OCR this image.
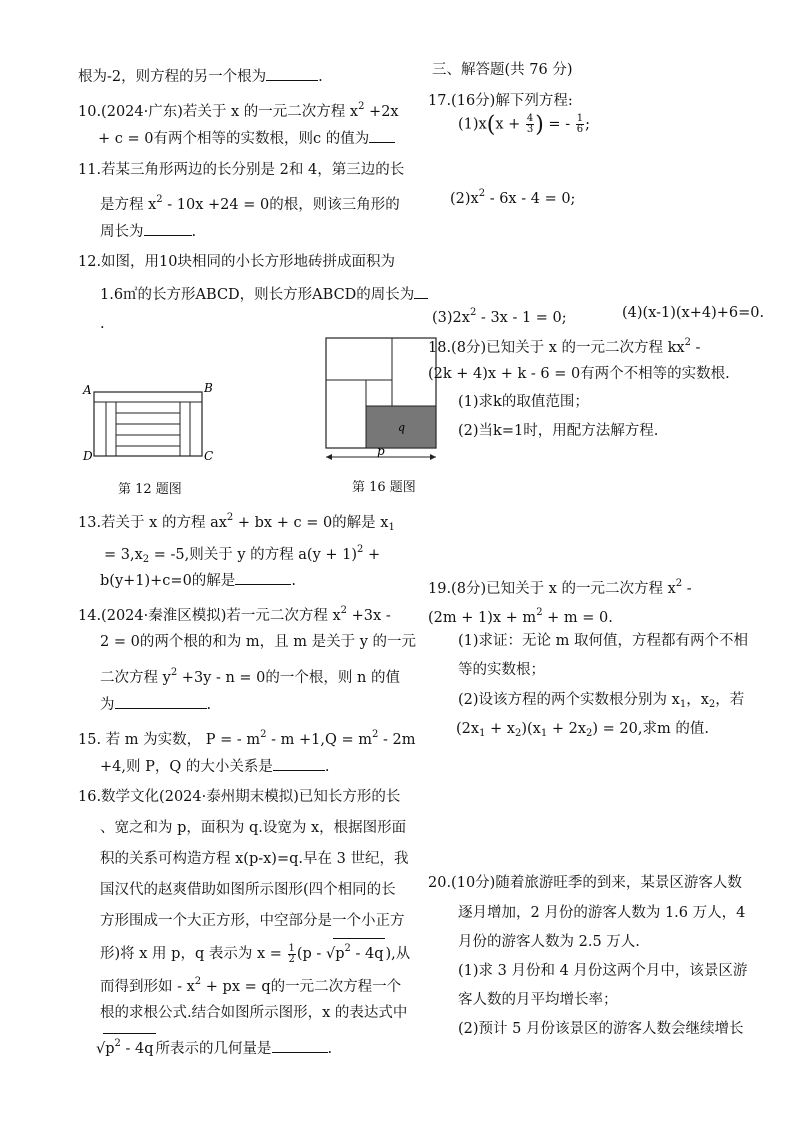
根为-2，则方程的另一个根为	.
10.(2024·广东)若关于 x 的一元二次方程 $x^2 +2x$
+ c = 0有两个相等的实数根，则c 的值为
11.若某三角形两边的长分别是 2和 4，第三边的长
是方程 $x^2 - 10x +24 = 0$的根，则该三角形的
周长为	.
12.如图，用10块相同的小长方形地砖拼成面积为
1.6㎡的长方形ABCD，则长方形ABCD的周长为
.
A	B
C
D
第 12 题图
q
p
第 16 题图
13.若关于 x 的方程 $ax^2$ + bx + c = 0的解是 $x_1$
= $3,x_2 = -5$,则关于 y 的方程 $a(y + 1)^2$ +
b(y+1)+c=0的解是	.
14.(2024·秦淮区模拟)若一元二次方程 $x^2 +3x$ -
2 = 0的两个根的和为 m，且 m 是关于 y 的一元
二次方程 $y^2 +3y - n = 0$的一个根，则 n 的值
为	.
15. 若 m 为实数， P = - $m^2 - m +1,Q = m^2 - 2m$
+4,则 P，Q 的大小关系是	.
16.数学文化(2024·泰州期末模拟)已知长方形的长
、宽之和为 p，面积为 q.设宽为 x，根据图形面
积的关系可构造方程 x(p-x)=q.早在 3 世纪，我
国汉代的赵爽借助如图所示图形(四个相同的长
方形围成一个大正方形，中空部分是一个小正方
形)将 x 用 p，q 表示为 $x = \frac{1}{2} (p - √p^2 - 4q$ ),从
而得到形如 - $x^2$ + px = q的一元二次方程一个
根的求根公式.结合如图所示图形，x 的表达式中
$√p^2 - 4q$ 所表示的几何量是	.
三、解答题(共 76 分)
17.(16分)解下列方程:
$(1)x(x + \frac{4}{3}$ ) = - $\frac{1}{6}$ ;
$(2)x^2 - 6x - 4 = 0$;
$(3)2x^2 - 3x - 1 = 0$;	(4)(x-1)(x+4)+6=0.
18.(8分)已知关于 x 的一元二次方程 $kx^2$ -
(2k + 4)x + k - 6 = 0有两个不相等的实数根.
(1)求k的取值范围；
(2)当k=1时，用配方法解方程.
19.(8分)已知关于 x 的一元二次方程 $x^2$ -
$(2m + 1)x + m^2 + m = 0$.
(1)求证：无论 m 取何值，方程都有两个不相
等的实数根；
(2)设该方程的两个实数根分别为 $x_1$，$x_2$，若
$(2x_1 + x_2)(x_1 + 2x_2) = 20$,求m 的值.
20.(10分)随着旅游旺季的到来，某景区游客人数
逐月增加，2 月份的游客人数为 1.6 万人，4
月份的游客人数为 2.5 万人.
(1)求 3 月份和 4 月份这两个月中，该景区游
客人数的月平均增长率；
(2)预计 5 月份该景区的游客人数会继续增长
